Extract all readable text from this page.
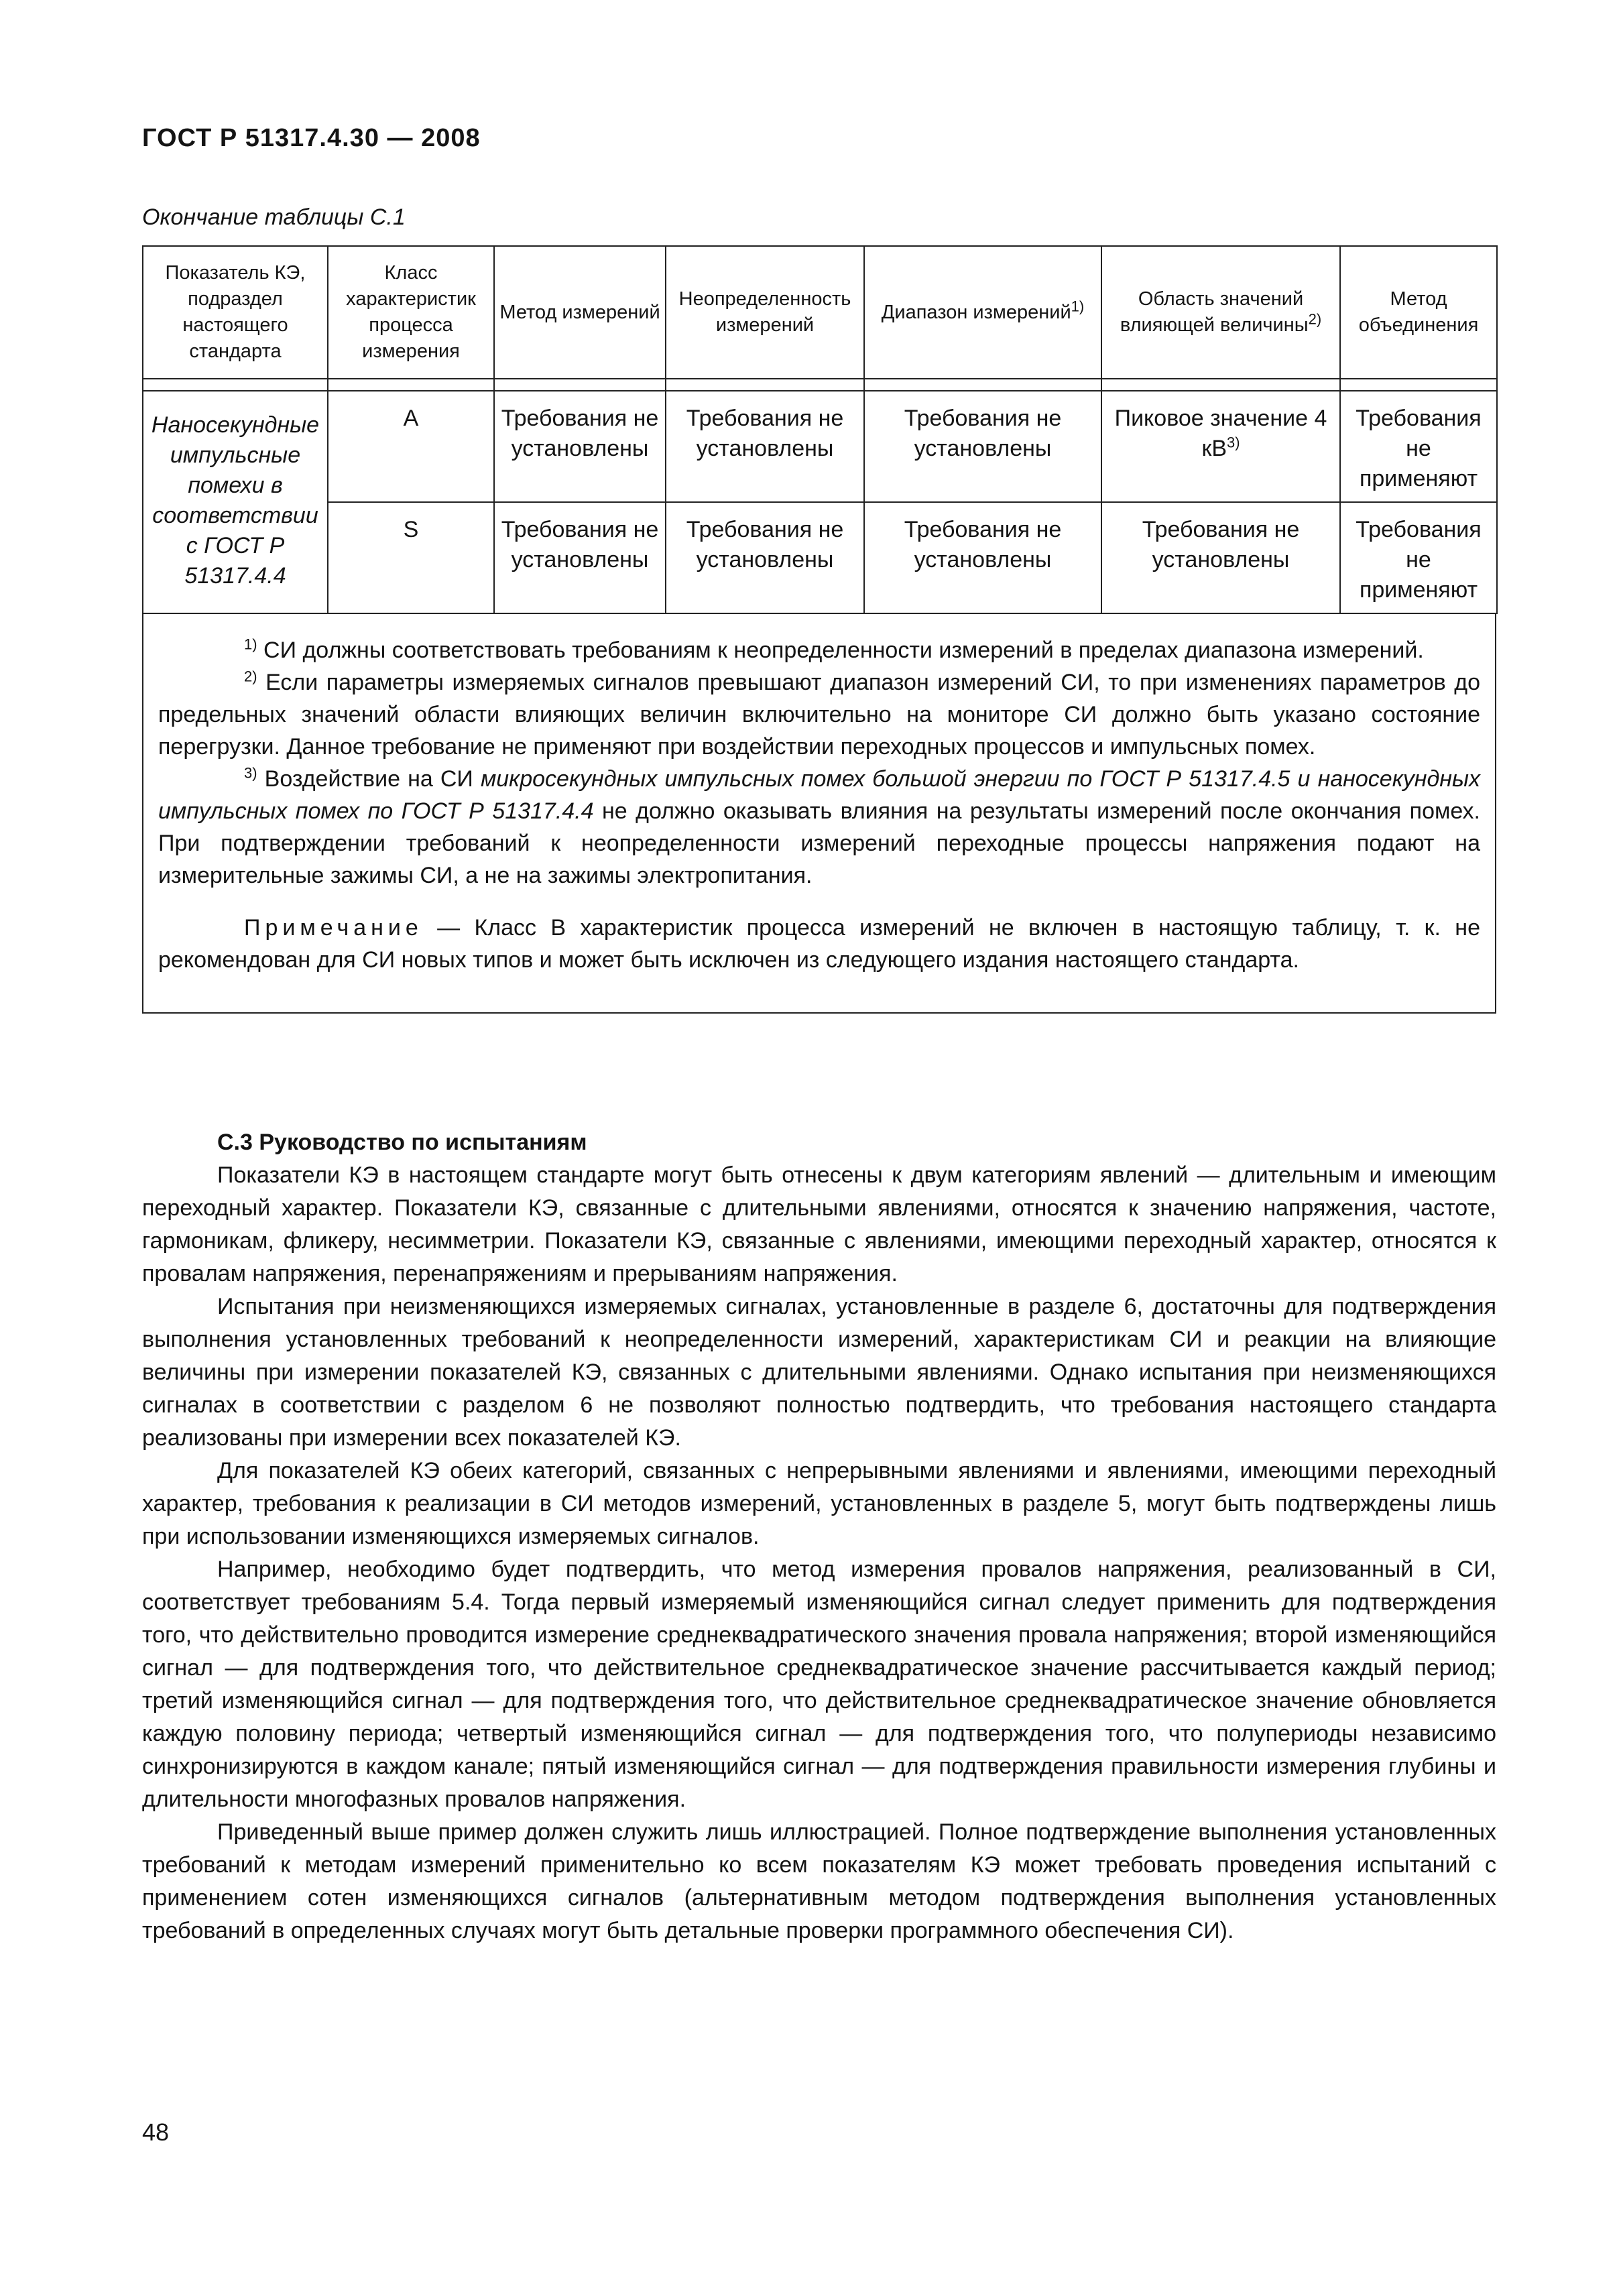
ГОСТ Р 51317.4.30 — 2008
Окончание таблицы С.1
Показатель КЭ, подраздел настоящего стандарта	Класс характеристик процесса измерения	Метод измерений	Неопределенность измерений	Диапазон измерений$^{1)}$	Область значений влияющей величины$^{2)}$	Метод объединения

Наносекундные импульсные помехи в соответствии с ГОСТ Р 51317.4.4	A	Требования не установлены	Требования не установлены	Требования не установлены	Пиковое значение 4 $кВ^{3)}$	Требования не применяют
	S	Требования не установлены	Требования не установлены	Требования не установлены	Требования не установлены	Требования не применяют

$^{1)}$ СИ должны соответствовать требованиям к неопределенности измерений в пределах диапазона измерений.

$^{2)}$ Если параметры измеряемых сигналов превышают диапазон измерений СИ, то при изменениях параметров до предельных значений области влияющих величин включительно на мониторе СИ должно быть указано состояние перегрузки. Данное требование не применяют при воздействии переходных процессов и импульсных помех.

$^{3)}$ Воздействие на СИ микросекундных импульсных помех большой энергии по ГОСТ Р 51317.4.5 и наносекундных импульсных помех по ГОСТ Р 51317.4.4 не должно оказывать влияния на результаты измерений после окончания помех. При подтверждении требований к неопределенности измерений переходные процессы напряжения подают на измерительные зажимы СИ, а не на зажимы электропитания.

Примечание — Класс В характеристик процесса измерений не включен в настоящую таблицу, т. к. не рекомендован для СИ новых типов и может быть исключен из следующего издания настоящего стандарта.

С.3 Руководство по испытаниям

Показатели КЭ в настоящем стандарте могут быть отнесены к двум категориям явлений — длительным и имеющим переходный характер. Показатели КЭ, связанные с длительными явлениями, относятся к значению напряжения, частоте, гармоникам, фликеру, несимметрии. Показатели КЭ, связанные с явлениями, имеющими переходный характер, относятся к провалам напряжения, перенапряжениям и прерываниям напряжения.

Испытания при неизменяющихся измеряемых сигналах, установленные в разделе 6, достаточны для подтверждения выполнения установленных требований к неопределенности измерений, характеристикам СИ и реакции на влияющие величины при измерении показателей КЭ, связанных с длительными явлениями. Однако испытания при неизменяющихся сигналах в соответствии с разделом 6 не позволяют полностью подтвердить, что требования настоящего стандарта реализованы при измерении всех показателей КЭ.

Для показателей КЭ обеих категорий, связанных с непрерывными явлениями и явлениями, имеющими переходный характер, требования к реализации в СИ методов измерений, установленных в разделе 5, могут быть подтверждены лишь при использовании изменяющихся измеряемых сигналов.

Например, необходимо будет подтвердить, что метод измерения провалов напряжения, реализованный в СИ, соответствует требованиям 5.4. Тогда первый измеряемый изменяющийся сигнал следует применить для подтверждения того, что действительно проводится измерение среднеквадратического значения провала напряжения; второй изменяющийся сигнал — для подтверждения того, что действительное среднеквадратическое значение рассчитывается каждый период; третий изменяющийся сигнал — для подтверждения того, что действительное среднеквадратическое значение обновляется каждую половину периода; четвертый изменяющийся сигнал — для подтверждения того, что полупериоды независимо синхронизируются в каждом канале; пятый изменяющийся сигнал — для подтверждения правильности измерения глубины и длительности многофазных провалов напряжения.

Приведенный выше пример должен служить лишь иллюстрацией. Полное подтверждение выполнения установленных требований к методам измерений применительно ко всем показателям КЭ может требовать проведения испытаний с применением сотен изменяющихся сигналов (альтернативным методом подтверждения выполнения установленных требований в определенных случаях могут быть детальные проверки программного обеспечения СИ).

48
